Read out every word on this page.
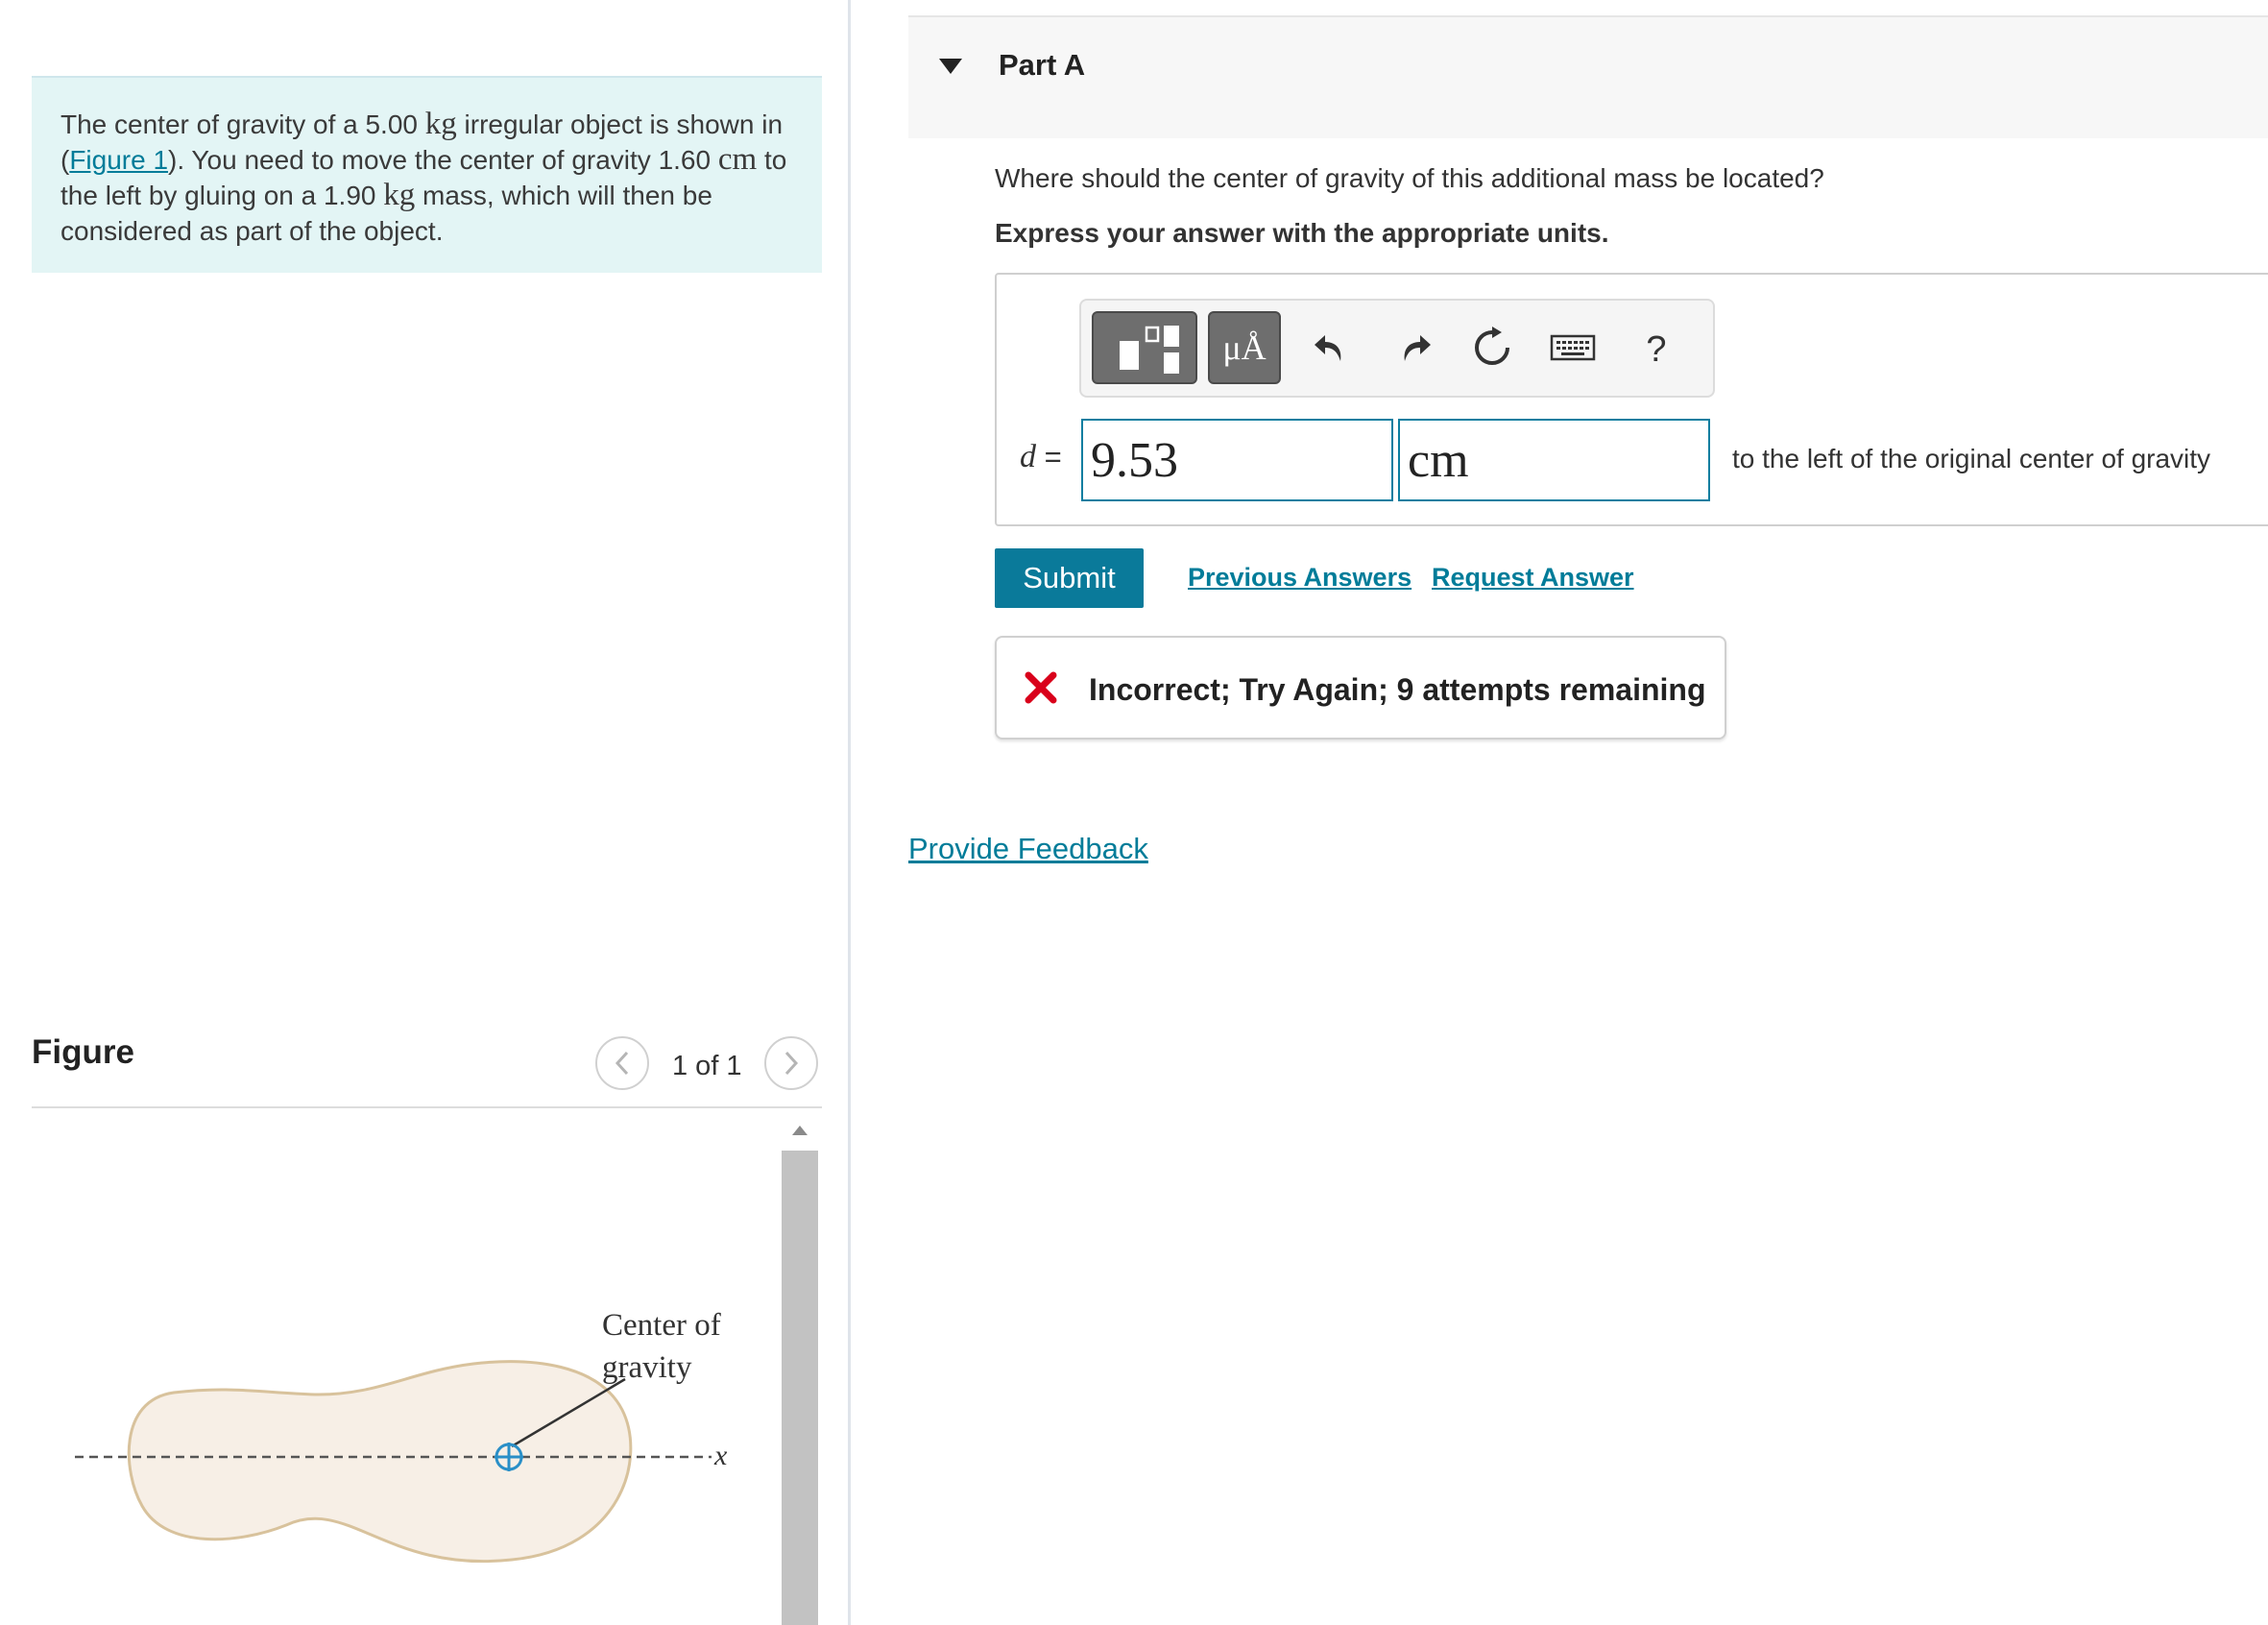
The center of gravity of a 5.00 kg irregular object is shown in (Figure 1). You need to move the center of gravity 1.60 cm to the left by gluing on a 1.90 kg mass, which will then be considered as part of the object.
Figure	1 of 1
Center of
gravity
x
Part A
Where should the center of gravity of this additional mass be located?
Express your answer with the appropriate units.
μÅ	?
d = 9.53	cm	to the left of the original center of gravity
Submit	Previous Answers Request Answer
Incorrect; Try Again; 9 attempts remaining
Provide Feedback
